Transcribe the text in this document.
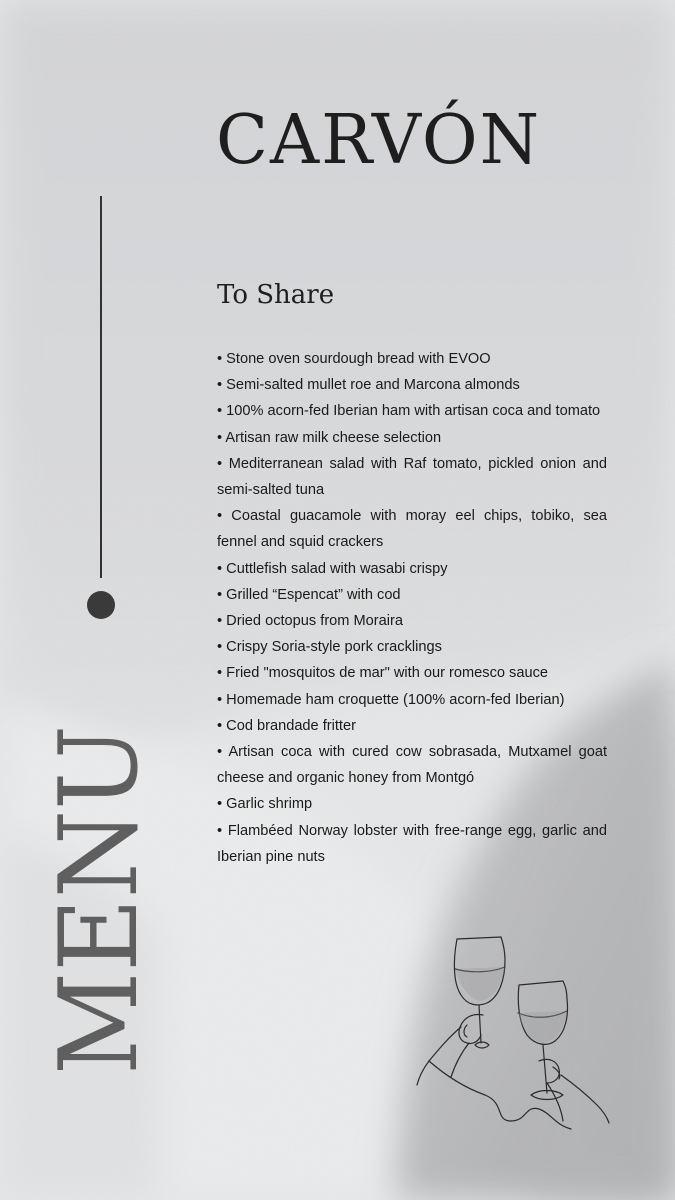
CARVÓN
MENU
To Share
• Stone oven sourdough bread with EVOO
• Semi-salted mullet roe and Marcona almonds
• 100% acorn-fed Iberian ham with artisan coca and tomato
• Artisan raw milk cheese selection
• Mediterranean salad with Raf tomato, pickled onion and semi-salted tuna
• Coastal guacamole with moray eel chips, tobiko, sea fennel and squid crackers
• Cuttlefish salad with wasabi crispy
• Grilled “Espencat” with cod
• Dried octopus from Moraira
• Crispy Soria-style pork cracklings
• Fried "mosquitos de mar" with our romesco sauce
• Homemade ham croquette (100% acorn-fed Iberian)
• Cod brandade fritter
• Artisan coca with cured cow sobrasada, Mutxamel goat cheese and organic honey from Montgó
• Garlic shrimp
• Flambéed Norway lobster with free-range egg, garlic and Iberian pine nuts
